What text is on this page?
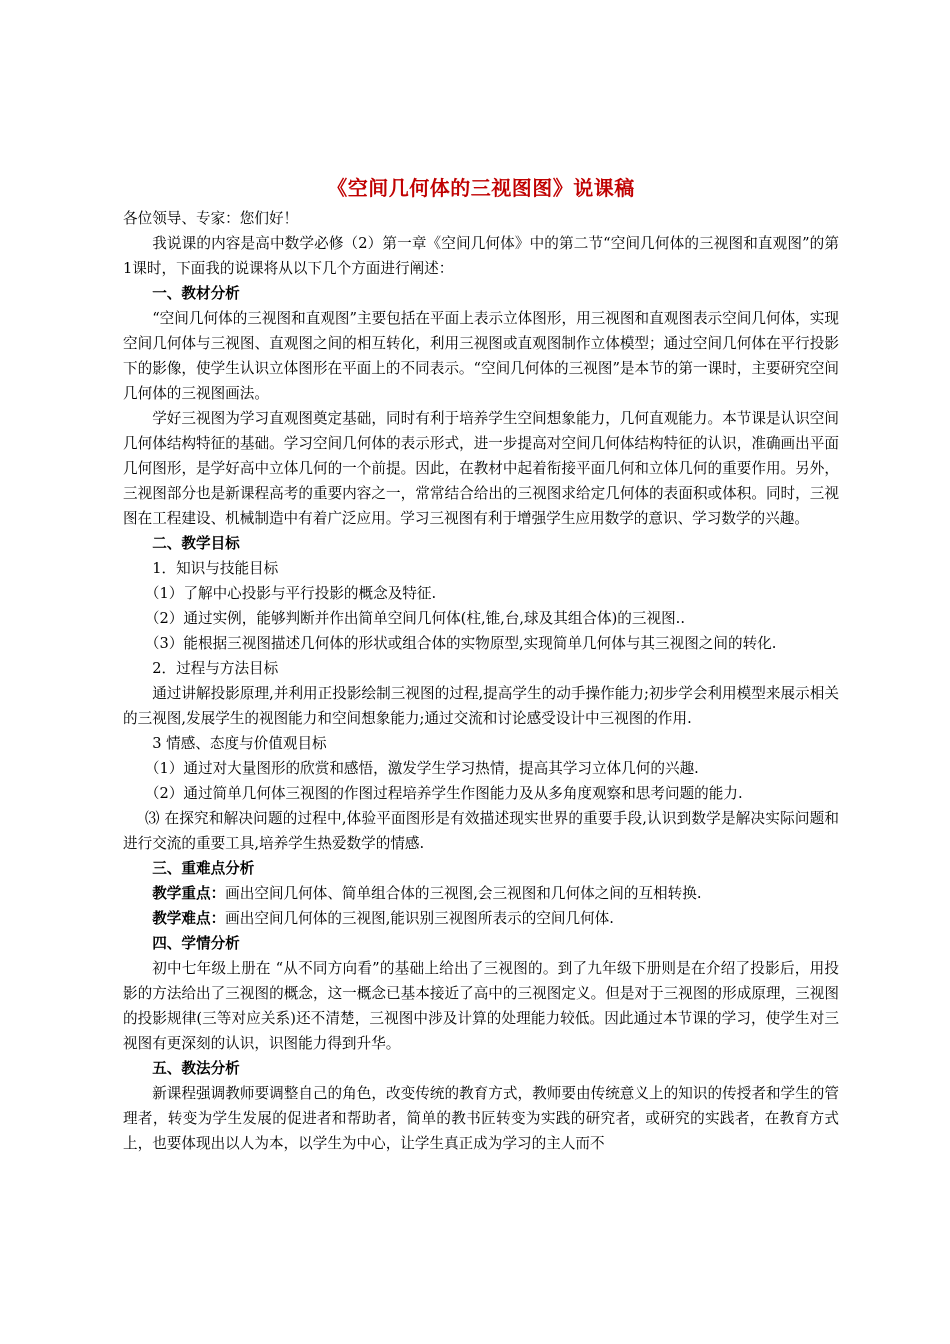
《空间几何体的三视图图》说课稿

各位领导、专家：您们好！

我说课的内容是高中数学必修（2）第一章《空间几何体》中的第二节“空间几何体的三视图和直观图”的第1课时，下面我的说课将从以下几个方面进行阐述：

一、教材分析

“空间几何体的三视图和直观图”主要包括在平面上表示立体图形，用三视图和直观图表示空间几何体，实现空间几何体与三视图、直观图之间的相互转化，利用三视图或直观图制作立体模型；通过空间几何体在平行投影下的影像，使学生认识立体图形在平面上的不同表示。“空间几何体的三视图”是本节的第一课时，主要研究空间几何体的三视图画法。

学好三视图为学习直观图奠定基础，同时有利于培养学生空间想象能力，几何直观能力。本节课是认识空间几何体结构特征的基础。学习空间几何体的表示形式，进一步提高对空间几何体结构特征的认识，准确画出平面几何图形，是学好高中立体几何的一个前提。因此，在教材中起着衔接平面几何和立体几何的重要作用。另外，三视图部分也是新课程高考的重要内容之一，常常结合给出的三视图求给定几何体的表面积或体积。同时，三视图在工程建设、机械制造中有着广泛应用。学习三视图有利于增强学生应用数学的意识、学习数学的兴趣。

二、教学目标

1．知识与技能目标

（1）了解中心投影与平行投影的概念及特征.

（2）通过实例，能够判断并作出简单空间几何体(柱,锥,台,球及其组合体)的三视图..

（3）能根据三视图描述几何体的形状或组合体的实物原型,实现简单几何体与其三视图之间的转化.

2．过程与方法目标

通过讲解投影原理,并利用正投影绘制三视图的过程,提高学生的动手操作能力;初步学会利用模型来展示相关的三视图,发展学生的视图能力和空间想象能力;通过交流和讨论感受设计中三视图的作用.

3 情感、态度与价值观目标

（1）通过对大量图形的欣赏和感悟，激发学生学习热情，提高其学习立体几何的兴趣.

（2）通过简单几何体三视图的作图过程培养学生作图能力及从多角度观察和思考问题的能力.

⑶ 在探究和解决问题的过程中,体验平面图形是有效描述现实世界的重要手段,认识到数学是解决实际问题和进行交流的重要工具,培养学生热爱数学的情感.

三、重难点分析

教学重点：画出空间几何体、简单组合体的三视图,会三视图和几何体之间的互相转换.

教学难点：画出空间几何体的三视图,能识别三视图所表示的空间几何体.

四、学情分析

初中七年级上册在 “从不同方向看”的基础上给出了三视图的。到了九年级下册则是在介绍了投影后，用投影的方法给出了三视图的概念，这一概念已基本接近了高中的三视图定义。但是对于三视图的形成原理，三视图的投影规律(三等对应关系)还不清楚，三视图中涉及计算的处理能力较低。因此通过本节课的学习，使学生对三视图有更深刻的认识，识图能力得到升华。

五、教法分析

新课程强调教师要调整自己的角色，改变传统的教育方式，教师要由传统意义上的知识的传授者和学生的管理者，转变为学生发展的促进者和帮助者，简单的教书匠转变为实践的研究者，或研究的实践者，在教育方式上，也要体现出以人为本，以学生为中心，让学生真正成为学习的主人而不
